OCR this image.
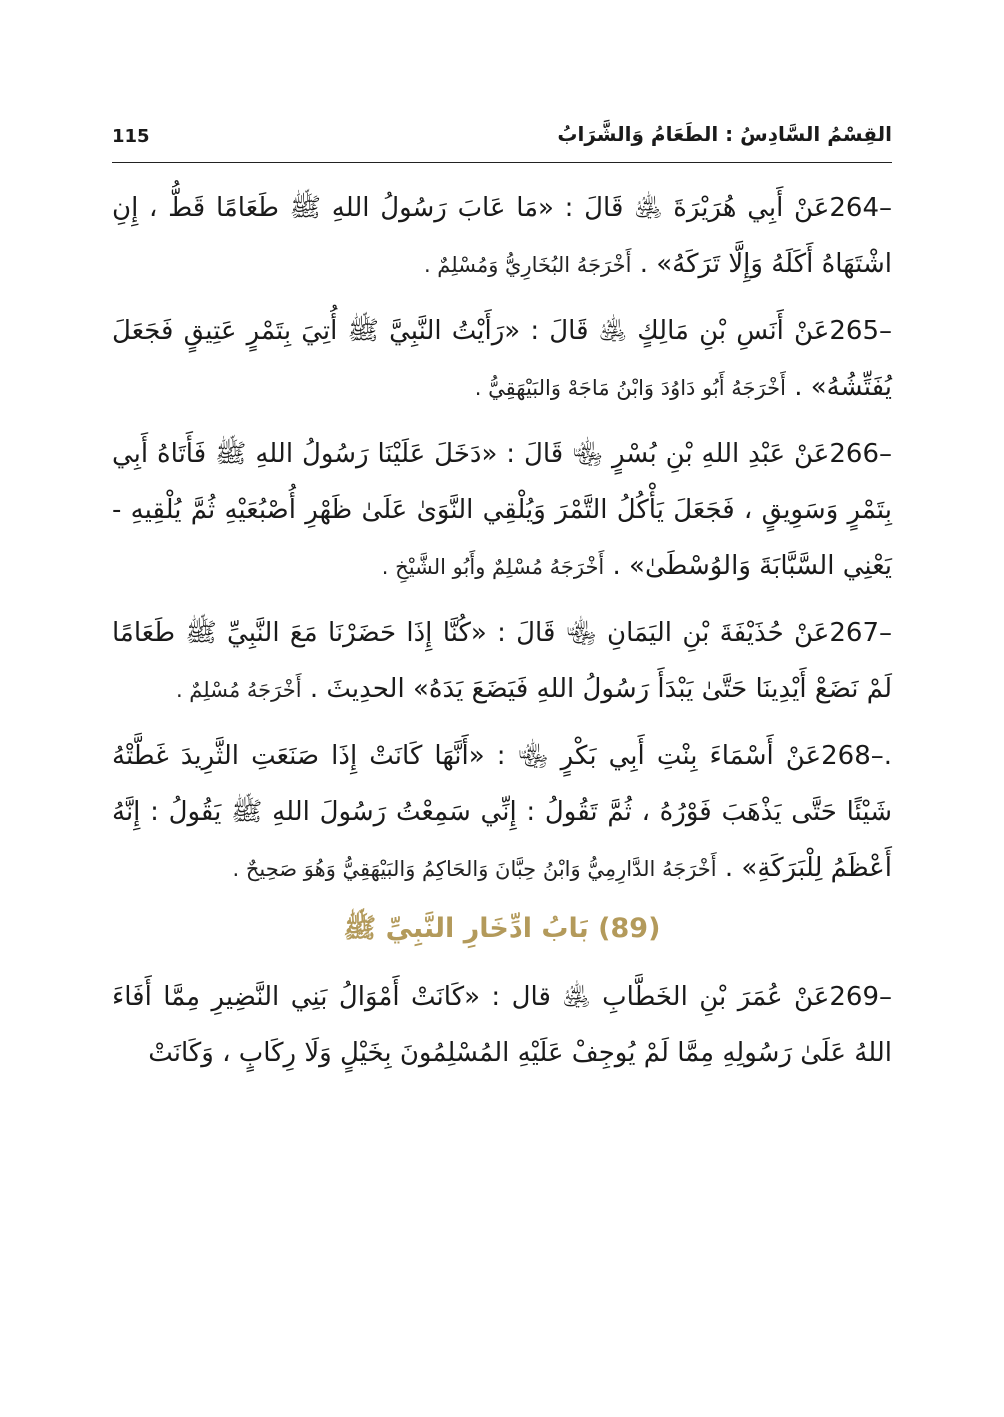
115	القِسْمُ السَّادِسُ : الطَعَامُ وَالشَّرَابُ

264–عَنْ أَبِي هُرَيْرَةَ ﵁ قَالَ : «مَا عَابَ رَسُولُ اللهِ ﷺ طَعَامًا قَطُّ ، إِنِ اشْتَهَاهُ أَكَلَهُ وَإِلَّا تَرَكَهُ» . أَخْرَجَهُ البُخَارِيُّ وَمُسْلِمٌ .

265–عَنْ أَنَسِ بْنِ مَالِكٍ ﵁ قَالَ : «رَأَيْتُ النَّبِيَّ ﷺ أُتِيَ بِتَمْرٍ عَتِيقٍ فَجَعَلَ يُفَتِّشُهُ» . أَخْرَجَهُ أَبُو دَاوُدَ وَابْنُ مَاجَهْ وَالبَيْهَقِيُّ .

266–عَنْ عَبْدِ اللهِ بْنِ بُسْرٍ ﵄ قَالَ : «دَخَلَ عَلَيْنَا رَسُولُ اللهِ ﷺ فَأَتَاهُ أَبِي بِتَمْرٍ وَسَوِيقٍ ، فَجَعَلَ يَأْكُلُ التَّمْرَ وَيُلْقِي النَّوَىٰ عَلَىٰ ظَهْرِ أُصْبُعَيْهِ ثُمَّ يُلْقِيهِ - يَعْنِي السَّبَّابَةَ وَالوُسْطَىٰ» . أَخْرَجَهُ مُسْلِمٌ وأَبُو الشَّيْخِ .

267–عَنْ حُذَيْفَةَ بْنِ اليَمَانِ ﵄ قَالَ : «كُنَّا إِذَا حَضَرْنَا مَعَ النَّبِيِّ ﷺ طَعَامًا لَمْ نَضَعْ أَيْدِينَا حَتَّىٰ يَبْدَأَ رَسُولُ اللهِ فَيَضَعَ يَدَهُ» الحدِيثَ . أَخْرَجَهُ مُسْلِمٌ .

268–.عَنْ أَسْمَاءَ بِنْتِ أَبِي بَكْرٍ ﵄ : «أَنَّهَا كَانَتْ إِذَا صَنَعَتِ الثَّرِيدَ غَطَّتْهُ شَيْئًا حَتَّى يَذْهَبَ فَوْرُهُ ، ثُمَّ تَقُولُ : إِنِّي سَمِعْتُ رَسُولَ اللهِ ﷺ يَقُولُ : إِنَّهُ أَعْظَمُ لِلْبَرَكَةِ» . أَخْرَجَهُ الدَّارِمِيُّ وَابْنُ حِبَّانَ وَالحَاكِمُ وَالبَيْهَقِيُّ وَهُوَ صَحِيحٌ .

(89) بَابُ ادِّخَارِ النَّبِيِّ ﷺ

269–عَنْ عُمَرَ بْنِ الخَطَّابِ ﵁ قال : «كَانَتْ أَمْوَالُ بَنِي النَّضِيرِ مِمَّا أَفَاءَ اللهُ عَلَىٰ رَسُولِهِ مِمَّا لَمْ يُوجِفْ عَلَيْهِ المُسْلِمُونَ بِخَيْلٍ وَلَا رِكَابٍ ، وَكَانَتْ
